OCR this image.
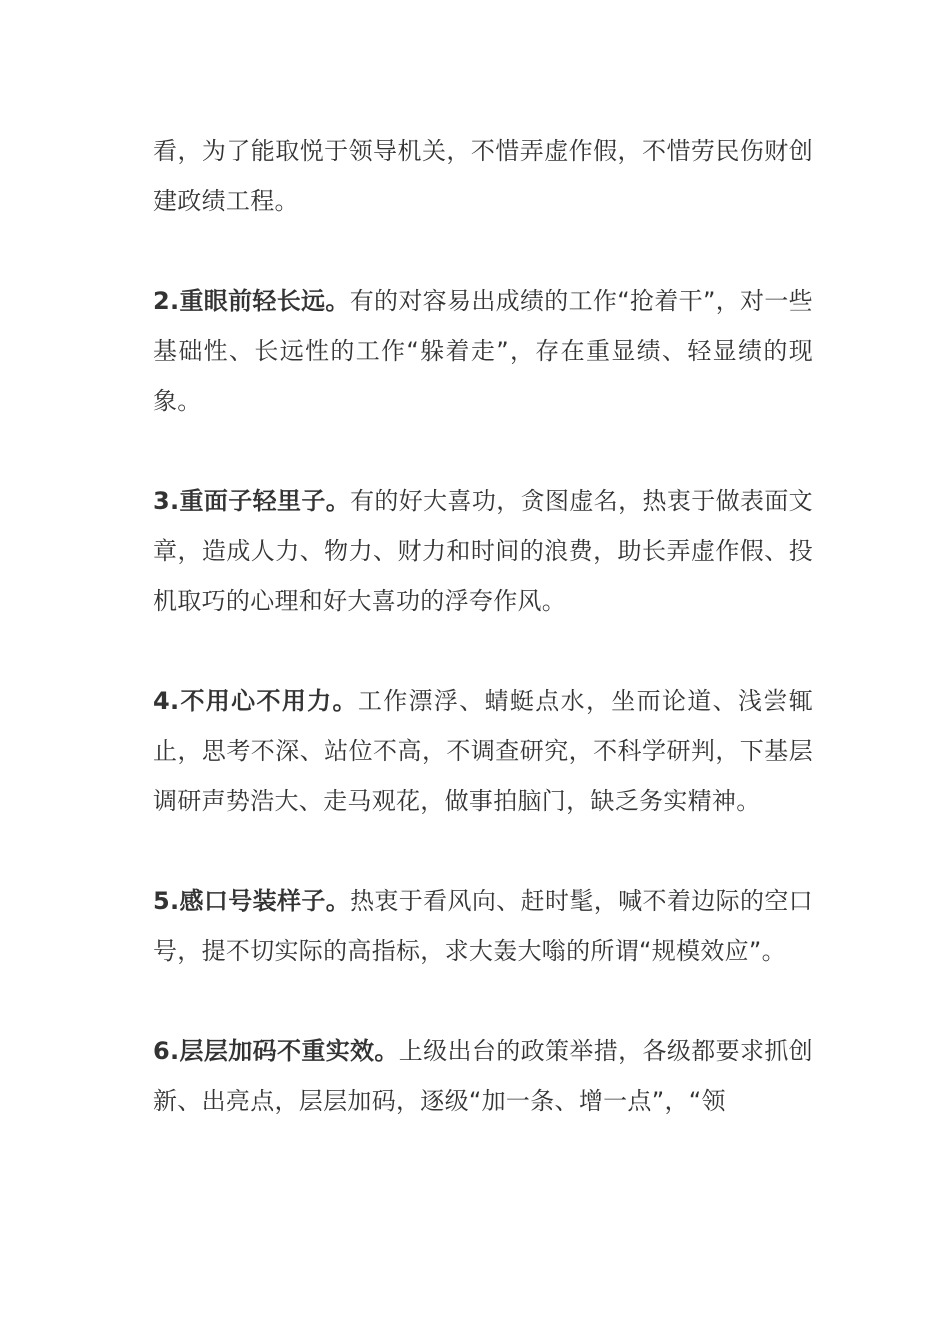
看，为了能取悦于领导机关，不惜弄虚作假，不惜劳民伤财创建政绩工程。

2.重眼前轻长远。有的对容易出成绩的工作“抢着干”，对一些基础性、长远性的工作“躲着走”，存在重显绩、轻显绩的现象。

3.重面子轻里子。有的好大喜功，贪图虚名，热衷于做表面文章，造成人力、物力、财力和时间的浪费，助长弄虚作假、投机取巧的心理和好大喜功的浮夸作风。

4.不用心不用力。工作漂浮、蜻蜓点水，坐而论道、浅尝辄止，思考不深、站位不高，不调查研究，不科学研判，下基层调研声势浩大、走马观花，做事拍脑门，缺乏务实精神。

5.感口号装样子。热衷于看风向、赶时髦，喊不着边际的空口号，提不切实际的高指标，求大轰大嗡的所谓“规模效应”。

6.层层加码不重实效。上级出台的政策举措，各级都要求抓创新、出亮点，层层加码，逐级“加一条、增一点”，“领
